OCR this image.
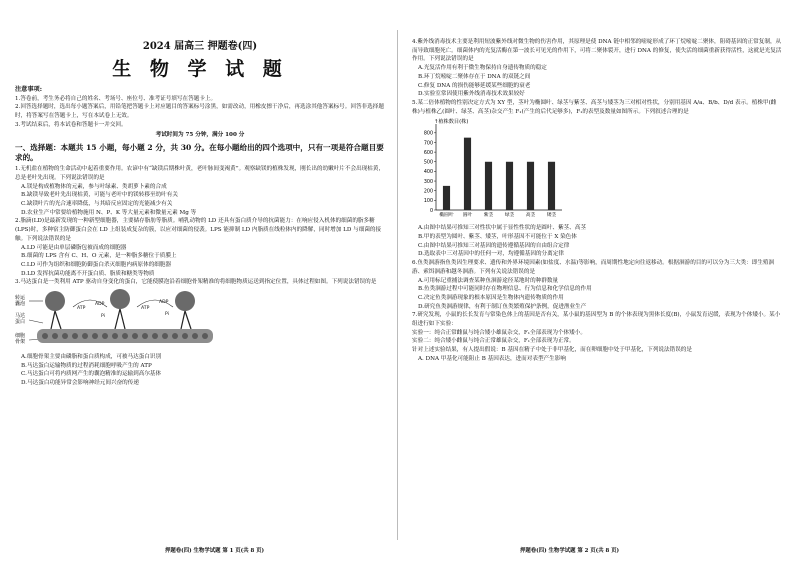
2024 届高三 押题卷(四)

生 物 学 试 题

注意事项:

1.答卷前，考生务必将自己的姓名、考场号、座位号、准考证号填写在答题卡上。

2.回答选择题时，选出每小题答案后，用铅笔把答题卡上对应题目的答案标号涂黑，如需改动，用橡皮擦干净后，再选涂其他答案标号。回答非选择题时，将答案写在答题卡上，写在本试卷上无效。

3.考试结束后，将本试卷和答题卡一并交回。

考试时间为 75 分钟，满分 100 分

一、选择题：本题共 15 小题，每小题 2 分，共 30 分。在每小题给出的四个选项中，只有一项是符合题目要求的。

1.无机盐在植物的生命活动中起着重要作用。农谚中有“缺镁后期株叶黄，老叶脉间变褐黄”。观察缺镁的植株发现，刚长出的幼嫩叶片不会出现枯黄，总是老叶先出现。下列说法错误的是

A.镁是构成植物体的元素，参与叶绿素、类胡萝卜素的合成

B.缺镁导致老叶先出现枯黄，可能与老叶中的镁转移至幼叶有关

C.缺镁叶片的光合速率降低，与其暗反应固定的光能减少有关

D.农业生产中常要给植物施用 N、P、K 等大量元素和微量元素 Mg 等

2.脂滴(LD)是最新发现的一种新型细胞器，主要储存脂肪等脂质。哺乳动物的 LD 还具有蛋白质介导的抗菌能力：在响应侵入机体的细菌的脂多糖(LPS)时，多种宿主防御蛋白会在 LD 上组装成复杂的簇，以应对细菌的侵袭。LPS 能抑制 LD 内脂质在线粒体内的降解，同时增加 LD 与细菌的接触。下列说法错误的是

A.LD 可能是由单层磷脂包被而成的细胞器

B.细菌的 LPS 含有 C、H、O 元素，是一种脂多糖位于质膜上

C.LD 可作为组织和细胞防御蛋白杀灭细胞内病原体的细胞器

D.LD 发挥抗菌功能离不开蛋白质、脂质和糖类等物质

3.马达蛋白是一类利用 ATP 驱动自身变化的蛋白，它能使膜泡沿着细胞骨架精准的将细胞物质运送到指定位置，具体过程如图。下列说法错误的是

转运
囊泡
马达
蛋白
细胞
骨架
ATP
ADP
Pi
ATP
ADP
Pi

A.细胞骨架主要由磷脂和蛋白质构成，可被马达蛋白识别

B.马达蛋白运输物质的过程消耗细胞呼吸产生的 ATP

C.马达蛋白可将内质网产生的囊泡精准的运输到高尔基体

D.马达蛋白功能异常会影响神经元间兴奋的传递

4.紫外线消毒技术主要是利用短波紫外线对微生物的伤害作用，其原理是使 DNA 链中相邻的嘧啶形成了环丁烷嘧啶二聚体，阻碍基因的正常复制，从而导致细胞死亡。细菌体内的光复活酶在第一波长可见光的作用下，可将二聚体裂开，进行 DNA 的修复，使失活的细菌重新获得活性，这就是光复活作用。下列说法错误的是

A.光复活作用有利于微生物保持自身遗传物质的稳定

B.环丁烷嘧啶二聚体存在于 DNA 的双链之间

C.修复 DNA 的损伤能够延缓某些细胞的衰老

D.实验室常因使用紫外线消毒技术效果较好

5.某二倍体植物的性别决定方式为 XY 型，茎叶为椭圆叶、绿茎与紫茎、高茎与矮茎为三对相对性状，分别用基因 A/a、B/b、D/d 表示。植株甲(雌株)与植株乙(圆叶、绿茎、高茎)杂交产生 F₁(产生的后代足够多)，F₁的表型及数量如图所示。下列叙述合理的是

↑植株数目(株)
0
100
200
300
400
500
600
700
800
椭圆叶 圆叶 紫茎 绿茎 高茎 矮茎

A.由图中结果可推知三对性状中属于显性性状的是圆叶、紫茎、高茎

B.甲的表型为圆叶、紫茎、矮茎，叶形基因不可能位于 X 染色体

C.由图中结果可推知三对基因的遗传遵循基因的自由组合定律

D.选取表中三对基因中的任何一对，均遵循基因的分离定律

6.鱼类洄游指鱼类因生理要求、遗传和外界环境因素(如盐度、水温)等影响，而周期性地定向往返移动。根据洄游的目的可以分为三大类：即生殖洄游、索饵洄游和越冬洄游。下列有关说法错误的是

A.可用标记重捕法调查某种鱼洄游途径某地时的种群数量

B.鱼类洄游过程中可能同时存在物理信息、行为信息和化学信息的作用

C.决定鱼类洄游现象的根本原因是生物体内遗传物质的作用

D.研究鱼类洄游规律，有利于制订鱼类繁殖保护条例，促进渔业生产

7.研究发现，小鼠的长长发育与常染色体上的基因是否有关，某小鼠的基因型为 B 的个体表现为黑体长度(B)，小鼠发育迟缓，表现为个体矮小。某小组进行如下实验：

实验一：纯合正常雌鼠与纯合矮小雄鼠杂交，F₁全部表现为个体矮小。

实验二：纯合矮小雌鼠与纯合正常雄鼠杂交，F₁全部表现为正常。

针对上述实验结果，有人提出假说：B 基因在精子中处于非甲基化，而在卵细胞中处于甲基化，下列说法错误的是

A. DNA 甲基化可能阻止 B 基因表达，进而对表型产生影响

押题卷(四) 生物学试题 第 1 页(共 8 页)	押题卷(四) 生物学试题 第 2 页(共 8 页)
